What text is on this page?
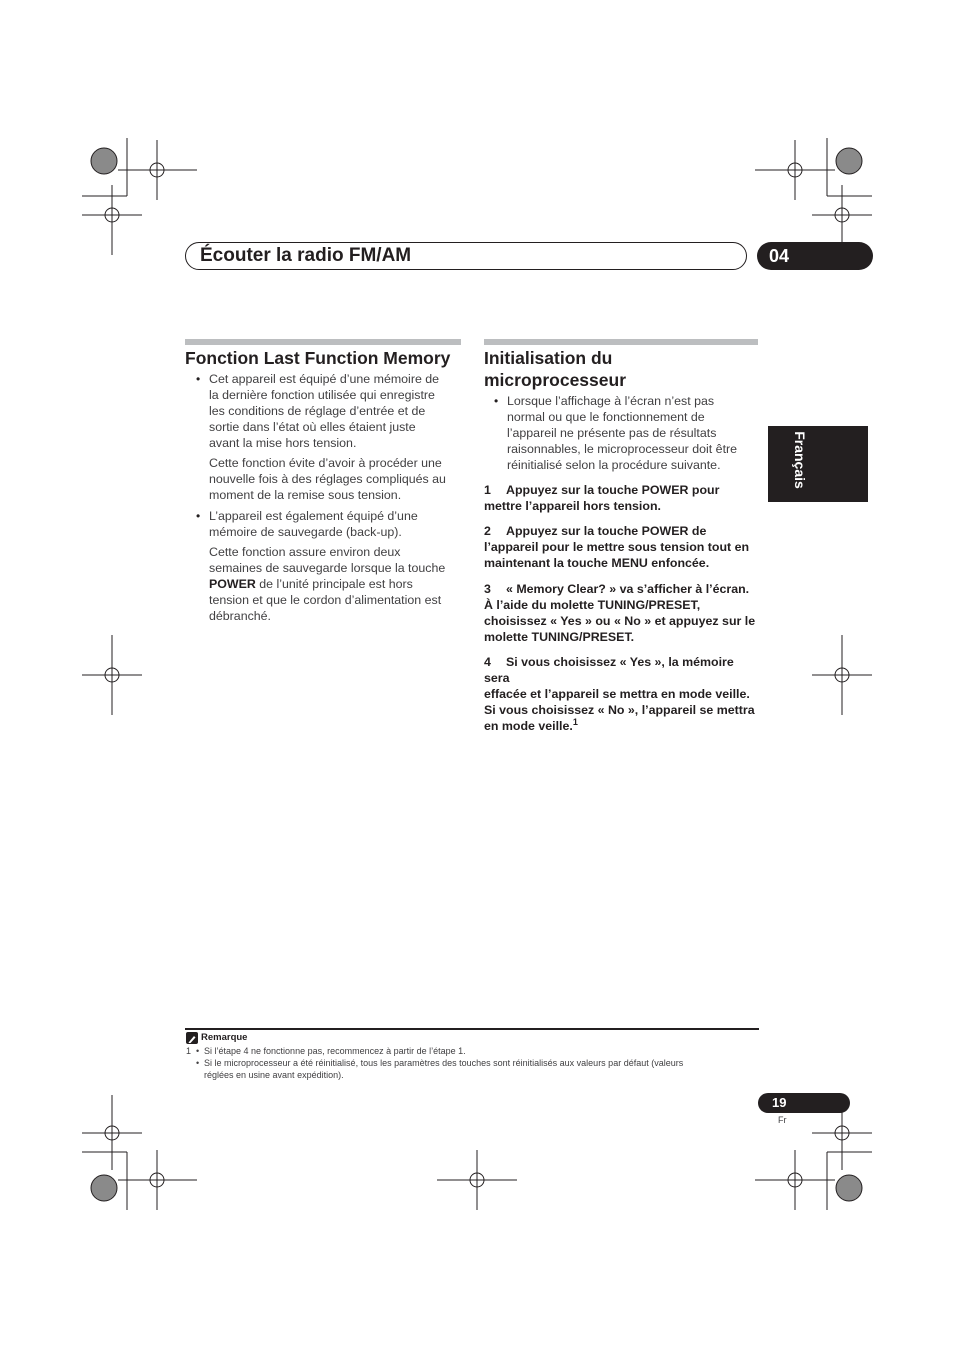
Écouter la radio FM/AM	04
Français
Fonction Last Function Memory
• Cet appareil est équipé d’une mémoire de

la dernière fonction utilisée qui enregistre

les conditions de réglage d’entrée et de

sortie dans l’état où elles étaient juste

avant la mise hors tension.

Cette fonction évite d’avoir à procéder une

nouvelle fois à des réglages compliqués au

moment de la remise sous tension.

• L’appareil est également équipé d’une

mémoire de sauvegarde (back-up).

Cette fonction assure environ deux

semaines de sauvegarde lorsque la touche

POWER de l’unité principale est hors

tension et que le cordon d’alimentation est

débranché.

Initialisation du
microprocesseur
• Lorsque l’affichage à l’écran n’est pas

normal ou que le fonctionnement de

l’appareil ne présente pas de résultats

raisonnables, le microprocesseur doit être

réinitialisé selon la procédure suivante.

1 Appuyez sur la touche POWER pour
mettre l’appareil hors tension.
2 Appuyez sur la touche POWER de
l’appareil pour le mettre sous tension tout en
maintenant la touche MENU enfoncée.
3 « Memory Clear? » va s’afficher à l’écran.
À l’aide du molette TUNING/PRESET,
choisissez « Yes » ou « No » et appuyez sur le
molette TUNING/PRESET.
4 Si vous choisissez « Yes », la mémoire sera
effacée et l’appareil se mettra en mode veille.
Si vous choisissez « No », l’appareil se mettra
en mode veille.$^1$
Remarque
1 • Si l’étape 4 ne fonctionne pas, recommencez à partir de l’étape 1.
• Si le microprocesseur a été réinitialisé, tous les paramètres des touches sont réinitialisés aux valeurs par défaut (valeurs
réglées en usine avant expédition).
19
Fr
